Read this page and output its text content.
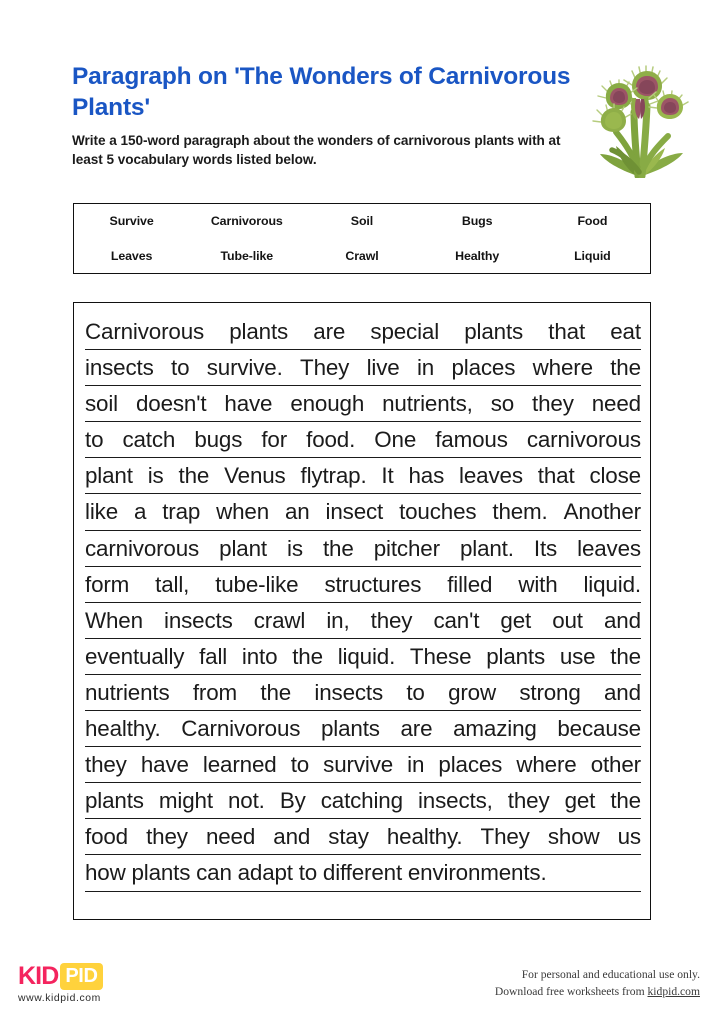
Paragraph on 'The Wonders of Carnivorous Plants'

Write a 150-word paragraph about the wonders of carnivorous plants with at least 5 vocabulary words listed below.

Survive	Carnivorous	Soil	Bugs	Food
Leaves	Tube-like	Crawl	Healthy	Liquid
Carnivorous plants are special plants that eat
insects to survive. They live in places where the
soil doesn't have enough nutrients, so they need
to catch bugs for food. One famous carnivorous
plant is the Venus flytrap. It has leaves that close
like a trap when an insect touches them. Another
carnivorous plant is the pitcher plant. Its leaves
form tall, tube-like structures filled with liquid.
When insects crawl in, they can't get out and
eventually fall into the liquid. These plants use the
nutrients from the insects to grow strong and
healthy. Carnivorous plants are amazing because
they have learned to survive in places where other
plants might not. By catching insects, they get the
food they need and stay healthy. They show us
how plants can adapt to different environments.
KID PID
www.kidpid.com
For personal and educational use only.
Download free worksheets from kidpid.com
